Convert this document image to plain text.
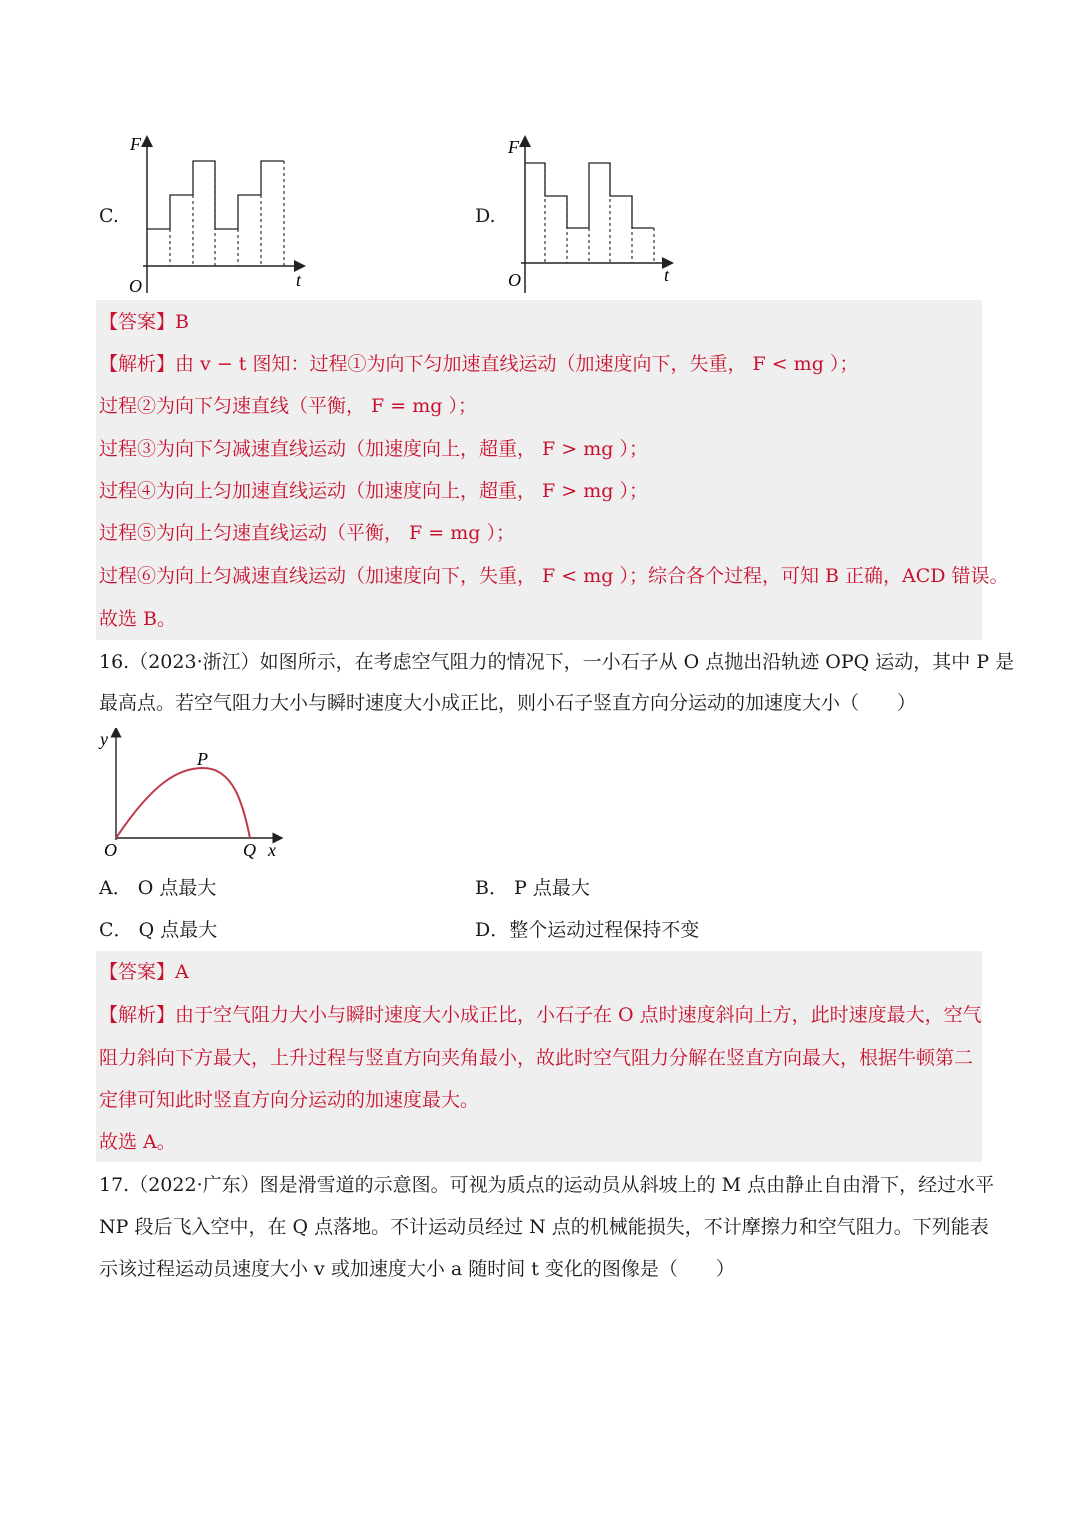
C.
F
t
O
D.
F
t
O
【答案】B
【解析】由 v − t 图知：过程①为向下匀加速直线运动（加速度向下，失重， F < mg ）；
过程②为向下匀速直线（平衡， F = mg ）；
过程③为向下匀减速直线运动（加速度向上，超重， F > mg ）；
过程④为向上匀加速直线运动（加速度向上，超重， F > mg ）；
过程⑤为向上匀速直线运动（平衡， F = mg ）；
过程⑥为向上匀减速直线运动（加速度向下，失重， F < mg ）；综合各个过程，可知 B 正确，ACD 错误。
故选 B。
16.（2023·浙江）如图所示，在考虑空气阻力的情况下，一小石子从 O 点抛出沿轨迹 OPQ 运动，其中 P 是
最高点。若空气阻力大小与瞬时速度大小成正比，则小石子竖直方向分运动的加速度大小（　　）
y
x
O
P
Q
A． O 点最大	B． P 点最大
C． Q 点最大	D．整个运动过程保持不变
【答案】A
【解析】由于空气阻力大小与瞬时速度大小成正比，小石子在 O 点时速度斜向上方，此时速度最大，空气
阻力斜向下方最大，上升过程与竖直方向夹角最小，故此时空气阻力分解在竖直方向最大，根据牛顿第二
定律可知此时竖直方向分运动的加速度最大。
故选 A。
17.（2022·广东）图是滑雪道的示意图。可视为质点的运动员从斜坡上的 M 点由静止自由滑下，经过水平
NP 段后飞入空中，在 Q 点落地。不计运动员经过 N 点的机械能损失，不计摩擦力和空气阻力。下列能表
示该过程运动员速度大小 v 或加速度大小 a 随时间 t 变化的图像是（　　）
